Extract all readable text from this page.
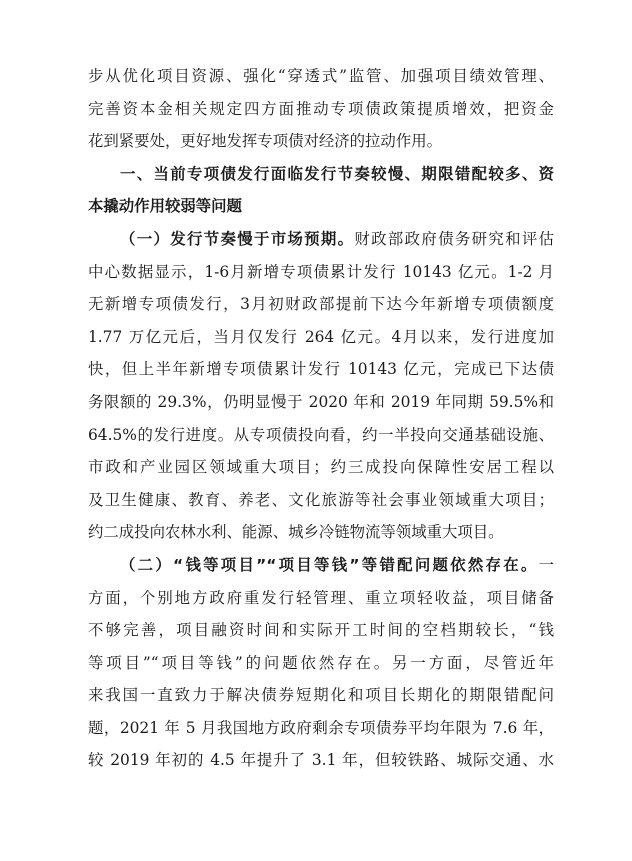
步从优化项目资源、强化“穿透式”监管、加强项目绩效管理、
完善资本金相关规定四方面推动专项债政策提质增效，把资金
花到紧要处，更好地发挥专项债对经济的拉动作用。
一、当前专项债发行面临发行节奏较慢、期限错配较多、资
本撬动作用较弱等问题
（一）发行节奏慢于市场预期。财政部政府债务研究和评估
中心数据显示，1-6月新增专项债累计发行 10143 亿元。1-2 月
无新增专项债发行，3月初财政部提前下达今年新增专项债额度
1.77 万亿元后，当月仅发行 264 亿元。4月以来，发行进度加
快，但上半年新增专项债累计发行 10143 亿元，完成已下达债
务限额的 29.3%，仍明显慢于 2020 年和 2019 年同期 59.5%和
64.5%的发行进度。从专项债投向看，约一半投向交通基础设施、
市政和产业园区领域重大项目；约三成投向保障性安居工程以
及卫生健康、教育、养老、文化旅游等社会事业领域重大项目；
约二成投向农林水利、能源、城乡冷链物流等领域重大项目。
（二）“钱等项目”“项目等钱”等错配问题依然存在。一
方面，个别地方政府重发行轻管理、重立项轻收益，项目储备
不够完善，项目融资时间和实际开工时间的空档期较长，“钱
等项目”“项目等钱”的问题依然存在。另一方面，尽管近年
来我国一直致力于解决债券短期化和项目长期化的期限错配问
题，2021 年 5 月我国地方政府剩余专项债券平均年限为 7.6 年，
较 2019 年初的 4.5 年提升了 3.1 年，但较铁路、城际交通、水
